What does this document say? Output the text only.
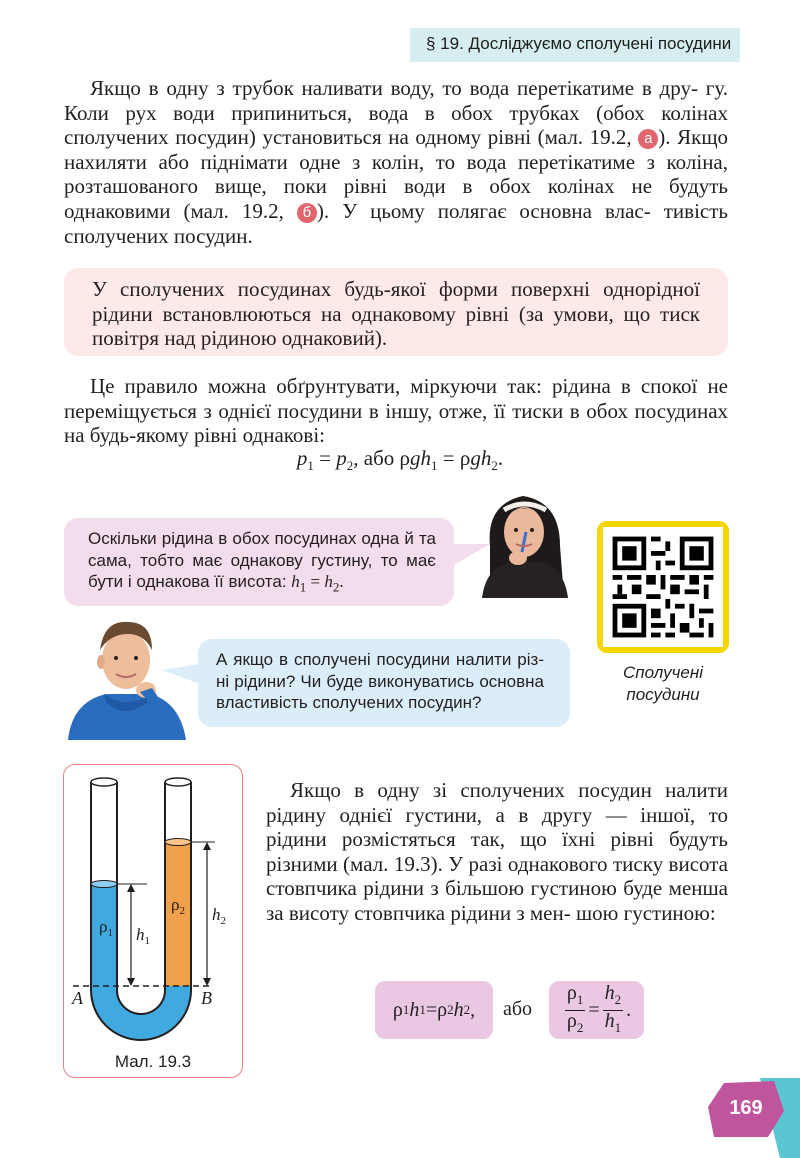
§ 19. Досліджуємо сполучені посудини

Якщо в одну з трубок наливати воду, то вода перетікатиме в дру- гу. Коли рух води припиниться, вода в обох трубках (обох колінах сполучених посудин) установиться на одному рівні (мал. 19.2, а ). Якщо нахиляти або піднімати одне з колін, то вода перетікатиме з коліна, розташованого вище, поки рівні води в обох колінах не будуть однаковими (мал. 19.2, б ). У цьому полягає основна влас- тивість сполучених посудин.

У сполучених посудинах будь-якої форми поверхні однорідної рідини встановлюються на однаковому рівні (за умови, що тиск повітря над рідиною однаковий).

Це правило можна обґрунтувати, міркуючи так: рідина в спокої не переміщується з однієї посудини в іншу, отже, її тиски в обох посудинах на будь-якому рівні однакові:

$p_1 = p_2$, або ρgh$_1$ = ρgh$_2$.
Оскільки рідина в обох посудинах одна й та сама, тобто має однакову густину, то має бути і однакова її висота: $h_1 = h_2$.
Сполучені
посудини
А якщо в сполучені посудини налити різ- ні рідини? Чи буде виконуватись основна властивість сполучених посудин?
$\rho_1$
$\rho_2$
$h_1$
$h_2$
A	B
Мал. 19.3

Якщо в одну зі сполучених посудин налити рідину однієї густини, а в другу — іншої, то рідини розмістяться так, що їхні рівні будуть різними (мал. 19.3). У разі однакового тиску висота стовпчика рідини з більшою густиною буде менша за висоту стовпчика рідини з мен- шою густиною:

ρ 1 h 1 = ρ 2 h 2 , або $\frac{\rho_1}{\rho_2} = \frac{h_2}{h_1}$ .
169
